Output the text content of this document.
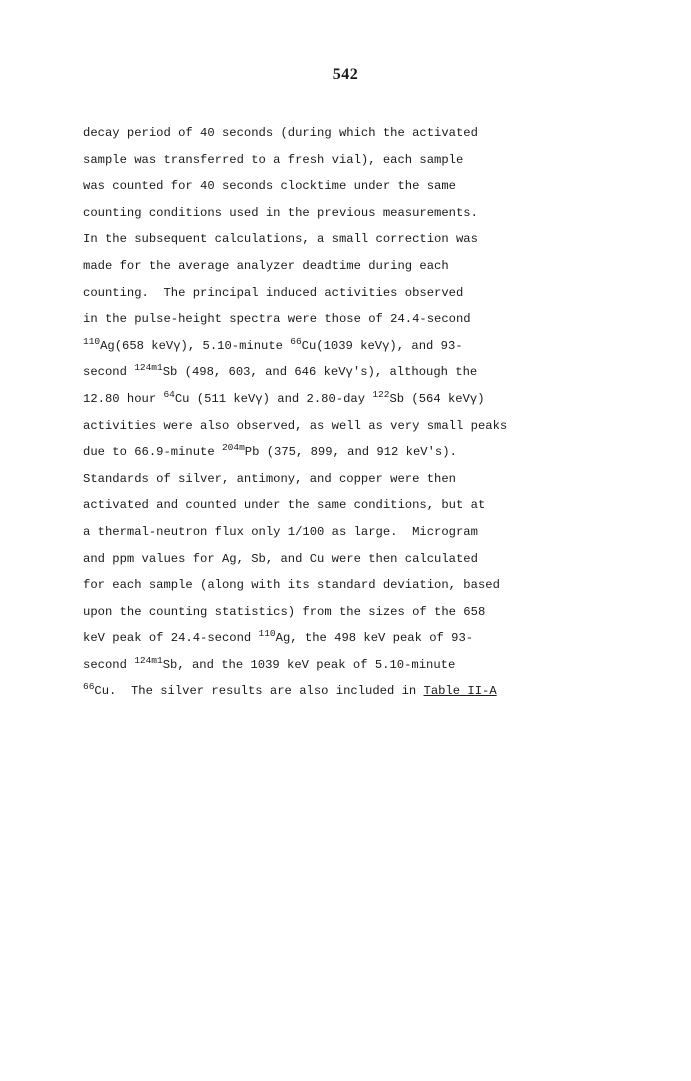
542
decay period of 40 seconds (during which the activated
sample was transferred to a fresh vial), each sample
was counted for 40 seconds clocktime under the same
counting conditions used in the previous measurements.
In the subsequent calculations, a small correction was
made for the average analyzer deadtime during each
counting.  The principal induced activities observed
in the pulse-height spectra were those of 24.4-second
$^{110}$Ag(658 keVγ), 5.10-minute $^{66}$Cu(1039 keVγ), and 93-
second $^{124m1}$Sb (498, 603, and 646 keVγ's), although the
12.80 hour $^{64}$Cu (511 keVγ) and 2.80-day $^{122}$Sb (564 keVγ)
activities were also observed, as well as very small peaks
due to 66.9-minute $^{204m}$Pb (375, 899, and 912 keV's).
Standards of silver, antimony, and copper were then
activated and counted under the same conditions, but at
a thermal-neutron flux only 1/100 as large.  Microgram
and ppm values for Ag, Sb, and Cu were then calculated
for each sample (along with its standard deviation, based
upon the counting statistics) from the sizes of the 658
keV peak of 24.4-second $^{110}$Ag, the 498 keV peak of 93-
second $^{124m1}$Sb, and the 1039 keV peak of 5.10-minute
$^{66}$Cu.  The silver results are also included in Table II-A
